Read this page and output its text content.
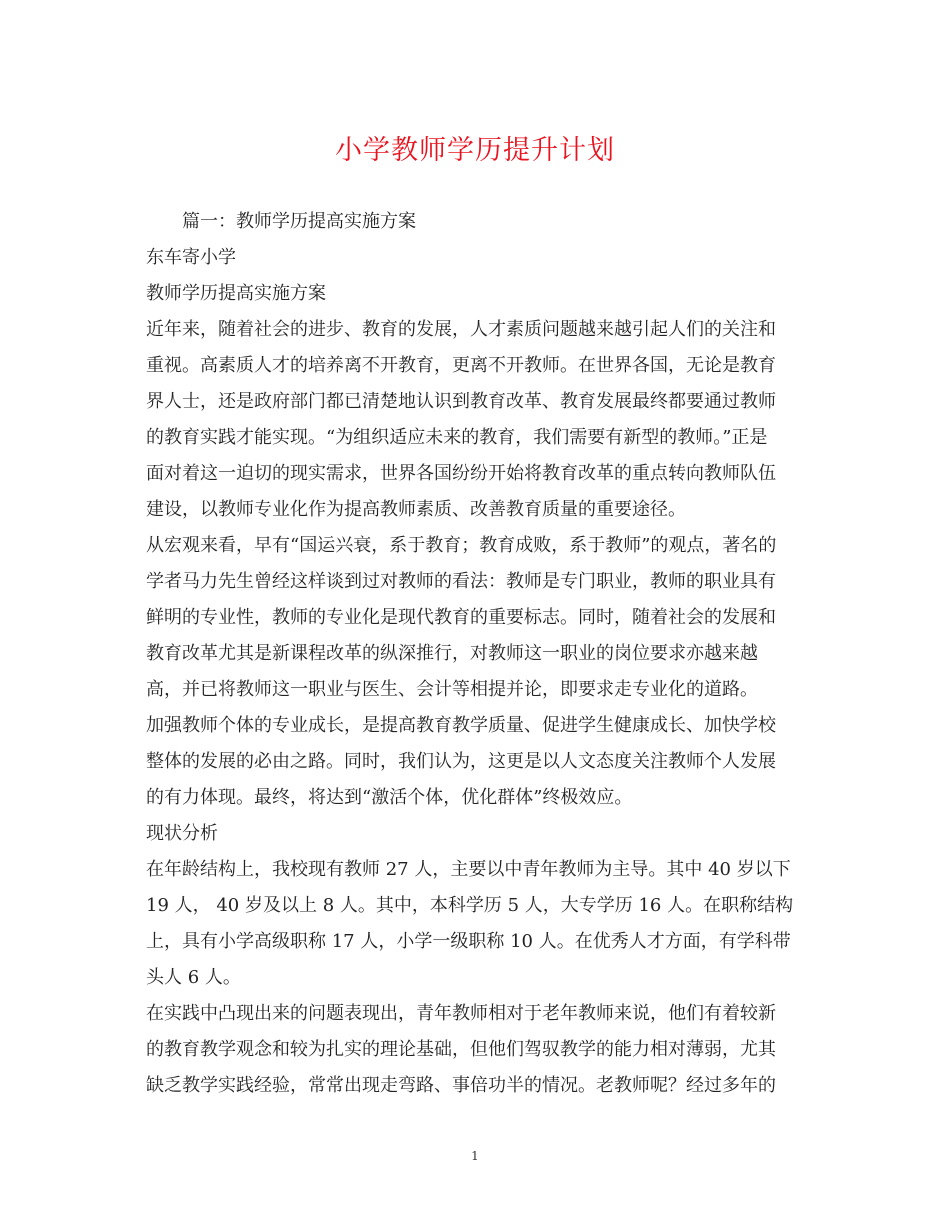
小学教师学历提升计划

篇一：教师学历提高实施方案

东车寄小学

教师学历提高实施方案

近年来，随着社会的进步、教育的发展，人才素质问题越来越引起人们的关注和

重视。高素质人才的培养离不开教育，更离不开教师。在世界各国，无论是教育

界人士，还是政府部门都已清楚地认识到教育改革、教育发展最终都要通过教师

的教育实践才能实现。“为组织适应未来的教育，我们需要有新型的教师。”正是

面对着这一迫切的现实需求，世界各国纷纷开始将教育改革的重点转向教师队伍

建设，以教师专业化作为提高教师素质、改善教育质量的重要途径。

从宏观来看，早有“国运兴衰，系于教育；教育成败，系于教师”的观点，著名的

学者马力先生曾经这样谈到过对教师的看法：教师是专门职业，教师的职业具有

鲜明的专业性，教师的专业化是现代教育的重要标志。同时，随着社会的发展和

教育改革尤其是新课程改革的纵深推行，对教师这一职业的岗位要求亦越来越

高，并已将教师这一职业与医生、会计等相提并论，即要求走专业化的道路。

加强教师个体的专业成长，是提高教育教学质量、促进学生健康成长、加快学校

整体的发展的必由之路。同时，我们认为，这更是以人文态度关注教师个人发展

的有力体现。最终，将达到“激活个体，优化群体”终极效应。

现状分析

在年龄结构上，我校现有教师 27 人，主要以中青年教师为主导。其中 40 岁以下

19 人， 40 岁及以上 8 人。其中，本科学历 5 人，大专学历 16 人。在职称结构

上，具有小学高级职称 17 人，小学一级职称 10 人。在优秀人才方面，有学科带

头人 6 人。

在实践中凸现出来的问题表现出，青年教师相对于老年教师来说，他们有着较新

的教育教学观念和较为扎实的理论基础，但他们驾驭教学的能力相对薄弱，尤其

缺乏教学实践经验，常常出现走弯路、事倍功半的情况。老教师呢？经过多年的

1
